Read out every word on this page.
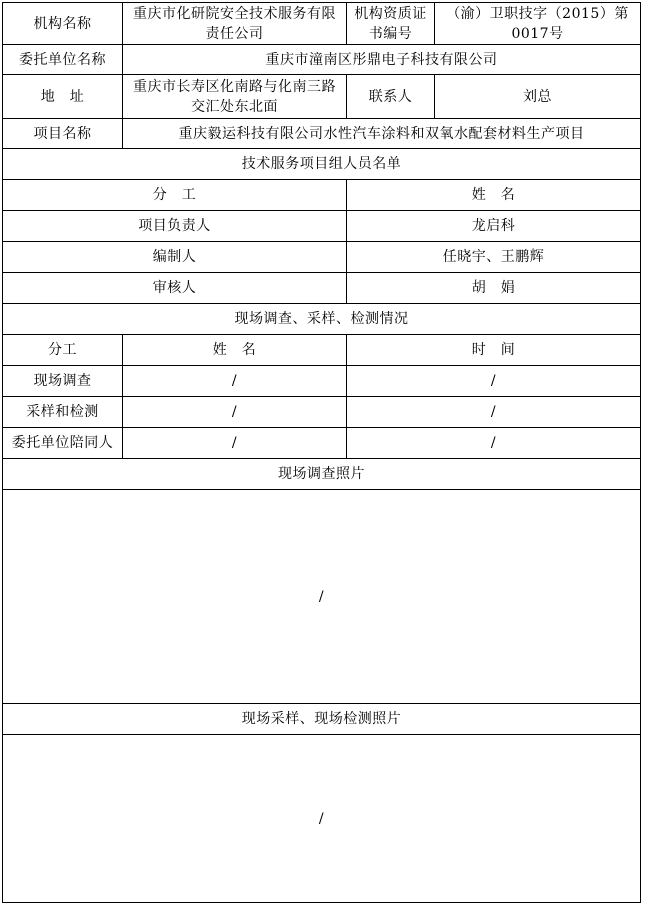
机构名称	重庆市化研院安全技术服务有限责任公司	机构资质证书编号	（渝）卫职技字（2015）第0017号
委托单位名称	重庆市潼南区彤鼎电子科技有限公司		
地　址	重庆市长寿区化南路与化南三路交汇处东北面	联系人	刘总
项目名称	重庆毅运科技有限公司水性汽车涂料和双氧水配套材料生产项目		
技术服务项目组人员名单			
分　工		姓　名	
项目负责人		龙启科	
编制人		任晓宇、王鹏辉	
审核人		胡　娟	
现场调查、采样、检测情况			
分工	姓　名	时　间	
现场调查	/	/	
采样和检测	/	/	
委托单位陪同人	/	/	
现场调查照片			
/			
现场采样、现场检测照片			
/			
